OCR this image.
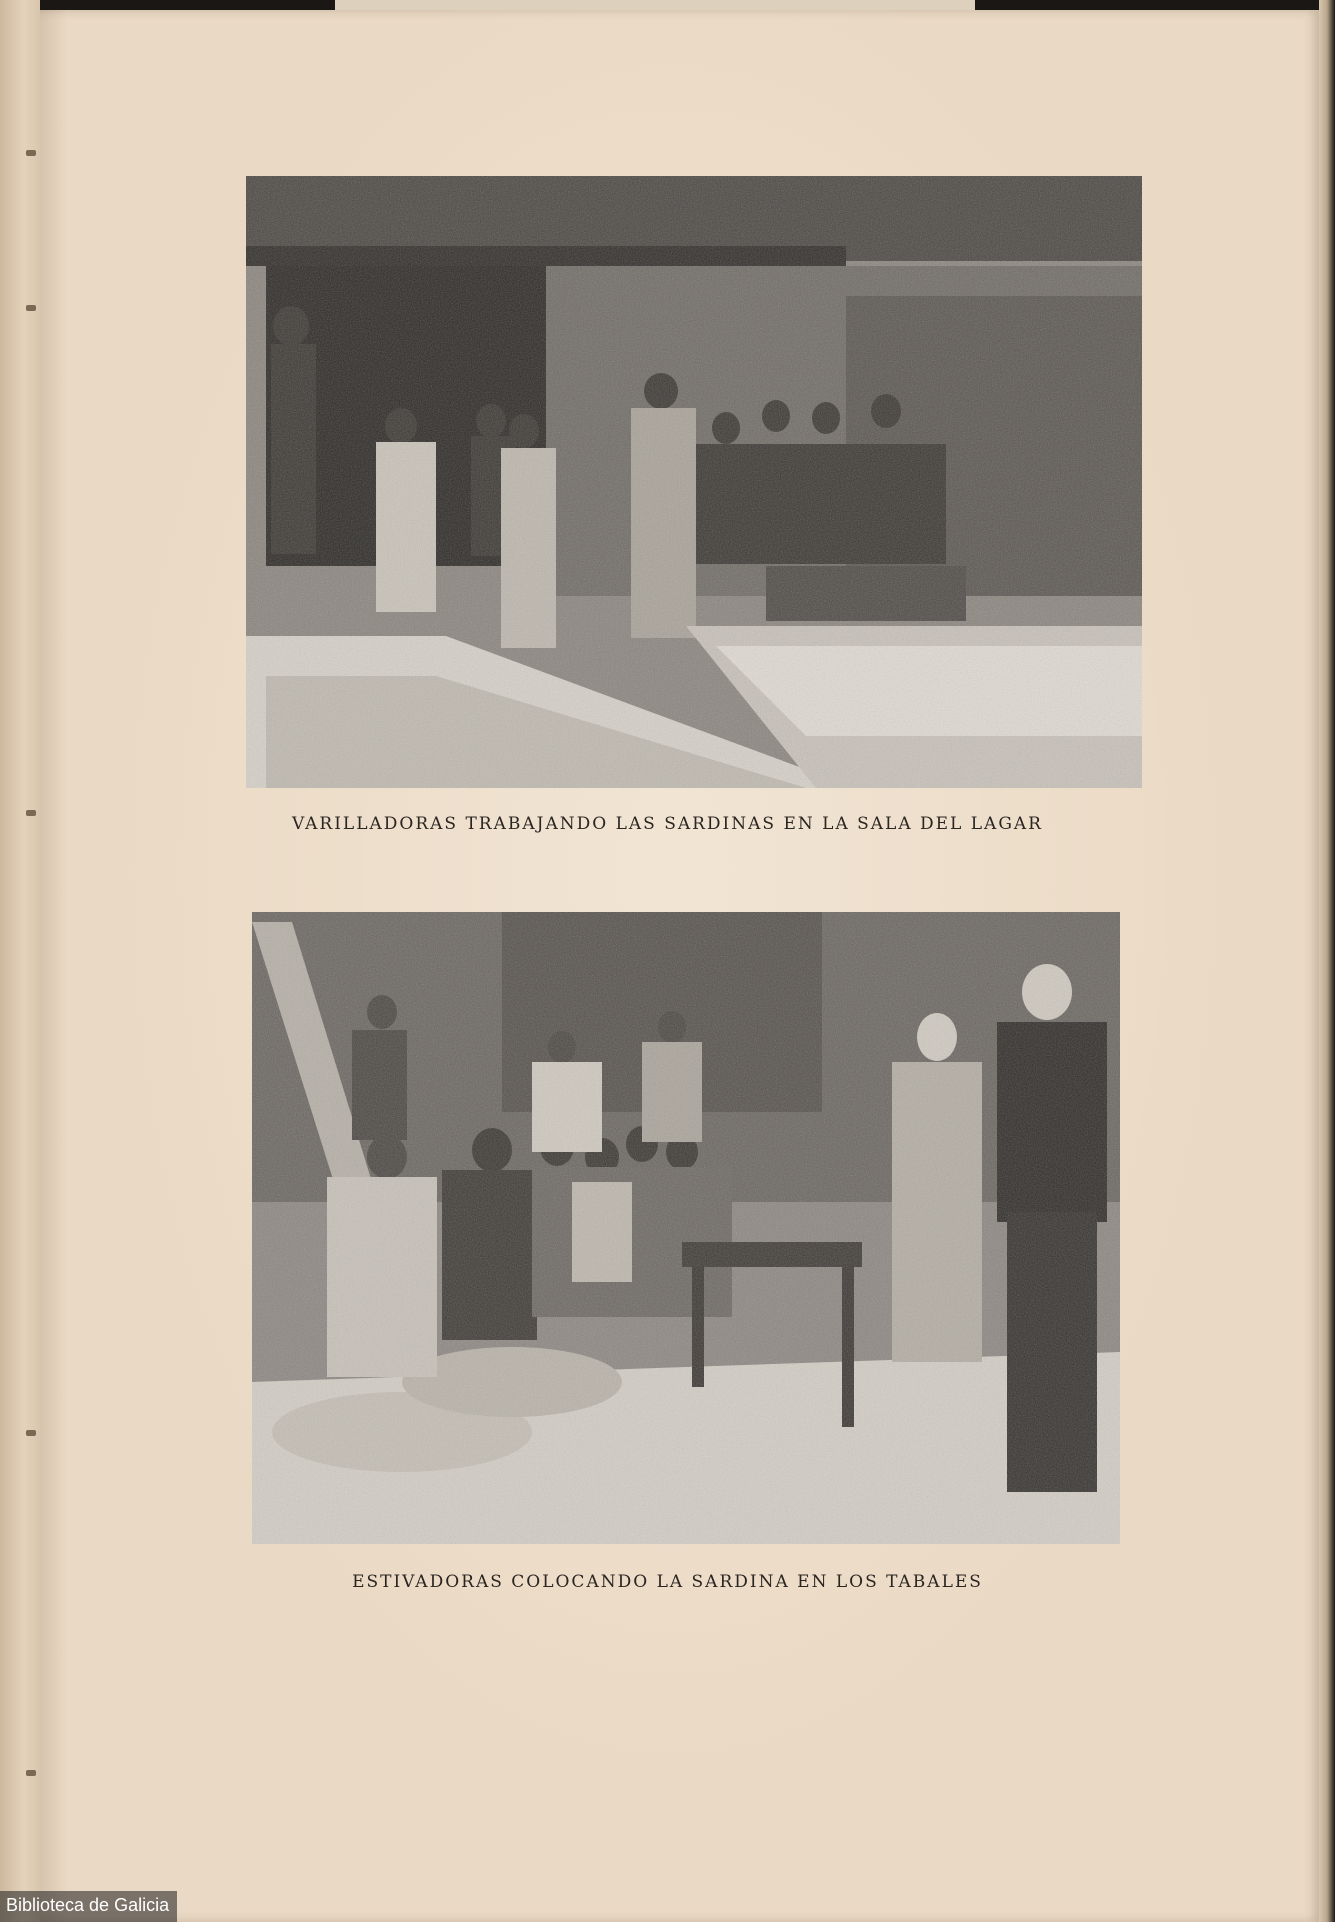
VARILLADORAS TRABAJANDO LAS SARDINAS EN LA SALA DEL LAGAR
ESTIVADORAS COLOCANDO LA SARDINA EN LOS TABALES
Biblioteca de Galicia
